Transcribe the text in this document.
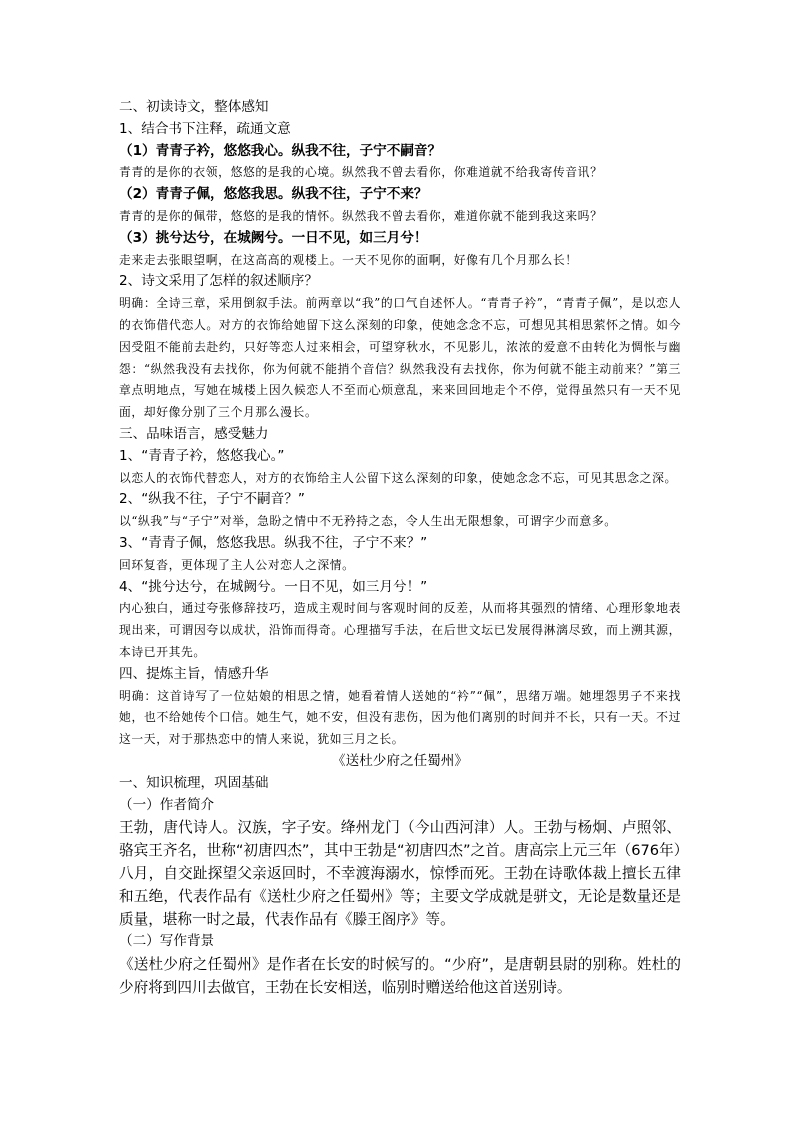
二、初读诗文，整体感知
1、结合书下注释，疏通文意
（1）青青子衿，悠悠我心。纵我不往，子宁不嗣音？
青青的是你的衣领，悠悠的是我的心境。纵然我不曾去看你，你难道就不给我寄传音讯？
（2）青青子佩，悠悠我思。纵我不往，子宁不来？
青青的是你的佩带，悠悠的是我的情怀。纵然我不曾去看你，难道你就不能到我这来吗？
（3）挑兮达兮，在城阙兮。一日不见，如三月兮！
走来走去张眼望啊，在这高高的观楼上。一天不见你的面啊，好像有几个月那么长！
2、诗文采用了怎样的叙述顺序？
明确：全诗三章，采用倒叙手法。前两章以“我”的口气自述怀人。“青青子衿”，“青青子佩”，是以恋人的衣饰借代恋人。对方的衣饰给她留下这么深刻的印象，使她念念不忘，可想见其相思萦怀之情。如今因受阻不能前去赴约，只好等恋人过来相会，可望穿秋水，不见影儿，浓浓的爱意不由转化为惆怅与幽怨：“纵然我没有去找你，你为何就不能捎个音信？纵然我没有去找你，你为何就不能主动前来？”第三章点明地点，写她在城楼上因久候恋人不至而心烦意乱，来来回回地走个不停，觉得虽然只有一天不见面，却好像分别了三个月那么漫长。
三、品味语言，感受魅力
1、“青青子衿，悠悠我心。”
以恋人的衣饰代替恋人，对方的衣饰给主人公留下这么深刻的印象，使她念念不忘，可见其思念之深。
2、“纵我不往，子宁不嗣音？”
以“纵我”与“子宁”对举，急盼之情中不无矜持之态，令人生出无限想象，可谓字少而意多。
3、“青青子佩，悠悠我思。纵我不往，子宁不来？”
回环复沓，更体现了主人公对恋人之深情。
4、“挑兮达兮，在城阙兮。一日不见，如三月兮！”
内心独白，通过夸张修辞技巧，造成主观时间与客观时间的反差，从而将其强烈的情绪、心理形象地表现出来，可谓因夸以成状，沿饰而得奇。心理描写手法，在后世文坛已发展得淋漓尽致，而上溯其源，本诗已开其先。
四、提炼主旨，情感升华
明确：这首诗写了一位姑娘的相思之情，她看着情人送她的“衿”“佩”，思绪万端。她埋怨男子不来找她，也不给她传个口信。她生气，她不安，但没有悲伤，因为他们离别的时间并不长，只有一天。不过这一天，对于那热恋中的情人来说，犹如三月之长。
《送杜少府之任蜀州》
一、知识梳理，巩固基础
（一）作者简介
王勃，唐代诗人。汉族，字子安。绛州龙门（今山西河津）人。王勃与杨炯、卢照邻、骆宾王齐名，世称“初唐四杰”，其中王勃是“初唐四杰”之首。唐高宗上元三年（676年）八月，自交趾探望父亲返回时，不幸渡海溺水，惊悸而死。王勃在诗歌体裁上擅长五律和五绝，代表作品有《送杜少府之任蜀州》等；主要文学成就是骈文，无论是数量还是质量，堪称一时之最，代表作品有《滕王阁序》等。
（二）写作背景
《送杜少府之任蜀州》是作者在长安的时候写的。“少府”，是唐朝县尉的别称。姓杜的少府将到四川去做官，王勃在长安相送，临别时赠送给他这首送别诗。
